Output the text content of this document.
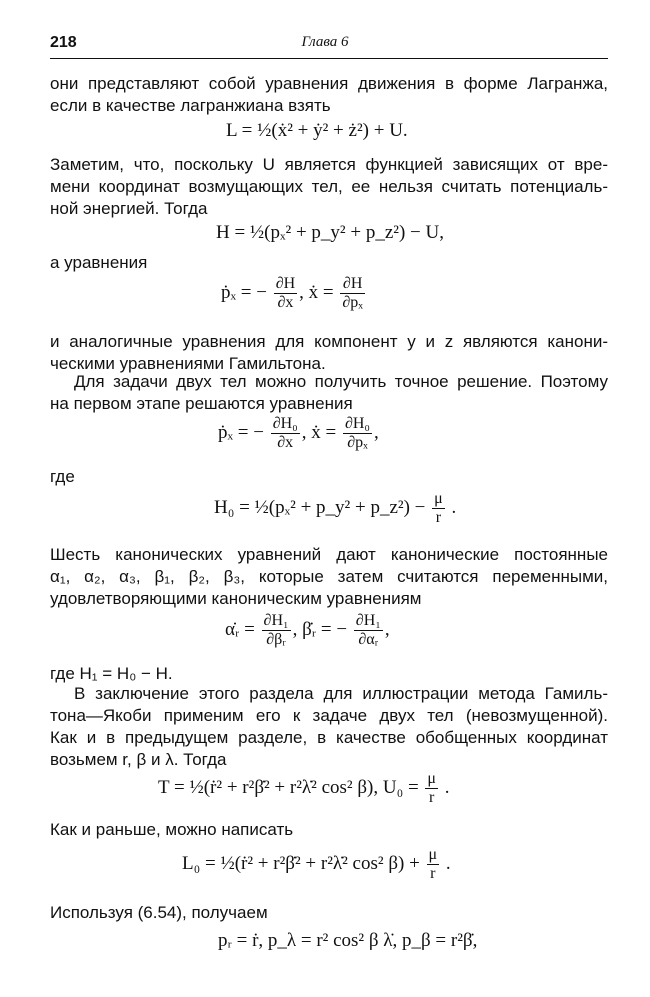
218	Глава 6
они представляют собой уравнения движения в форме Лагранжа,
если в качестве лагранжиана взять
L = ½(ẋ² + ẏ² + ż²) + U.
Заметим, что, поскольку U является функцией зависящих от вре-
мени координат возмущающих тел, ее нельзя считать потенциаль-
ной энергией. Тогда
H = ½(pₓ² + p_y² + p_z²) − U,
а уравнения
ṗₓ = − $\frac{\partial H}{\partial x}$ , ẋ = $\frac{\partial H}{\text{∂pₓ}}$
и аналогичные уравнения для компонент y и z являются канони-
ческими уравнениями Гамильтона.
Для задачи двух тел можно получить точное решение. Поэтому
на первом этапе решаются уравнения
ṗₓ = − $\frac{\text{∂H₀}}{\partial x}$ , ẋ = $\frac{\text{∂H₀}}{\text{∂pₓ}}$ ,
где
H₀ = ½(pₓ² + p_y² + p_z²) − $\frac{\mu}{r}$ .
Шесть канонических уравнений дают канонические постоянные
α₁, α₂, α₃, β₁, β₂, β₃, которые затем считаются переменными,
удовлетворяющими каноническим уравнениям
α̇ᵣ = $\frac{\text{∂H₁}}{\text{∂βᵣ}}$ , β̇ᵣ = − $\frac{\text{∂H₁}}{\text{∂αᵣ}}$ ,
где H₁ = H₀ − H.
В заключение этого раздела для иллюстрации метода Гамиль-
тона—Якоби применим его к задаче двух тел (невозмущенной).
Как и в предыдущем разделе, в качестве обобщенных координат
возьмем r, β и λ. Тогда
T = ½(ṙ² + r²β̇² + r²λ̇² cos² β), $U_0 = \frac{\mu}{r}$ .
Как и раньше, можно написать
L₀ = ½(ṙ² + r²β̇² + r²λ̇² cos² $\beta) + \frac{\mu}{r}$ .
Используя (6.54), получаем
pᵣ = ṙ, p_λ = r² cos² β λ̇, p_β = r²β̇,
